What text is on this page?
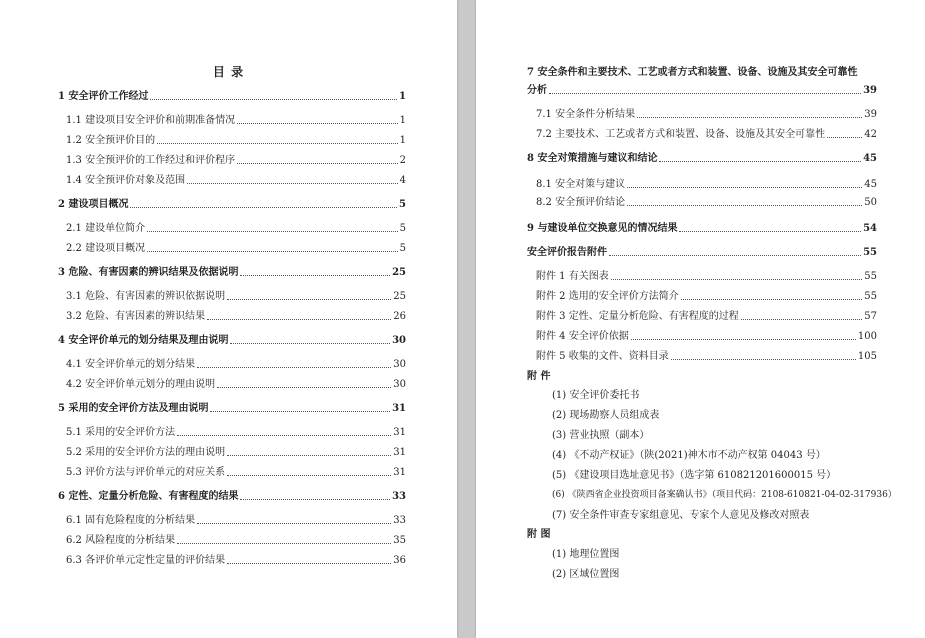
目 录
1 安全评价工作经过	1
1.1 建设项目安全评价和前期准备情况	1
1.2 安全预评价目的	1
1.3 安全预评价的工作经过和评价程序	2
1.4 安全预评价对象及范围	4
2 建设项目概况	5
2.1 建设单位简介	5
2.2 建设项目概况	5
3 危险、有害因素的辨识结果及依据说明	25
3.1 危险、有害因素的辨识依据说明	25
3.2 危险、有害因素的辨识结果	26
4 安全评价单元的划分结果及理由说明	30
4.1 安全评价单元的划分结果	30
4.2 安全评价单元划分的理由说明	30
5 采用的安全评价方法及理由说明	31
5.1 采用的安全评价方法	31
5.2 采用的安全评价方法的理由说明	31
5.3 评价方法与评价单元的对应关系	31
6 定性、定量分析危险、有害程度的结果	33
6.1 固有危险程度的分析结果	33
6.2 风险程度的分析结果	35
6.3 各评价单元定性定量的评价结果	36
7 安全条件和主要技术、工艺或者方式和装置、设备、设施及其安全可靠性
分析	39
7.1 安全条件分析结果	39
7.2 主要技术、工艺或者方式和装置、设备、设施及其安全可靠性	42
8 安全对策措施与建议和结论	45
8.1 安全对策与建议	45
8.2 安全预评价结论	50
9 与建设单位交换意见的情况结果	54
安全评价报告附件	55
附件 1 有关图表	55
附件 2 选用的安全评价方法简介	55
附件 3 定性、定量分析危险、有害程度的过程	57
附件 4 安全评价依据	100
附件 5 收集的文件、资料目录	105
附 件
(1) 安全评价委托书
(2) 现场勘察人员组成表
(3) 营业执照（副本）
(4) 《不动产权证》（陕(2021)神木市不动产权第 04043 号）
(5) 《建设项目选址意见书》（选字第 610821201600015 号）
(6) 《陕西省企业投资项目备案确认书》（项目代码：2108-610821-04-02-317936）
(7) 安全条件审查专家组意见、专家个人意见及修改对照表
附 图
(1) 地理位置图
(2) 区域位置图
